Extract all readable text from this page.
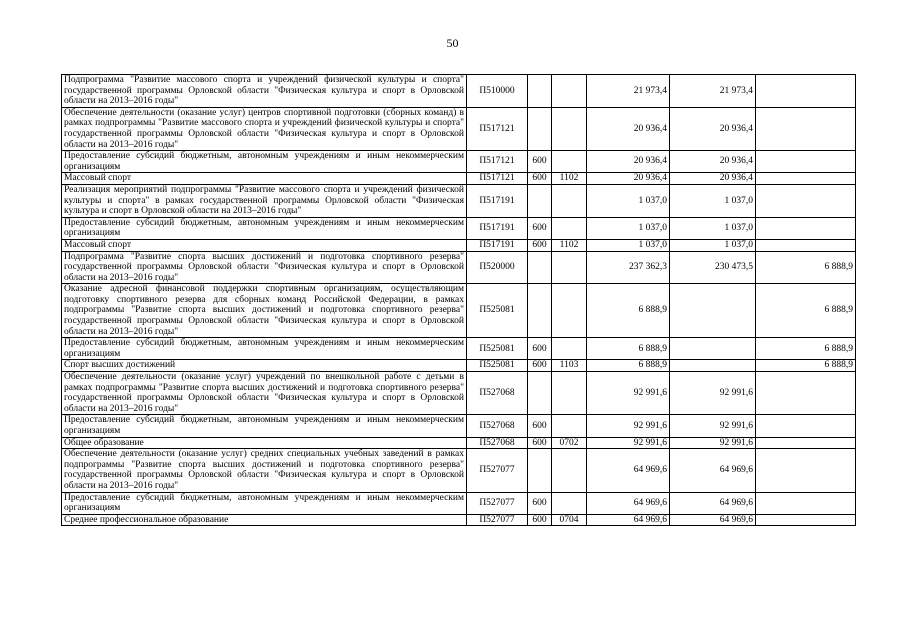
50
Подпрограмма "Развитие массового спорта и учреждений физической культуры и спорта" государственной программы Орловской области "Физическая культура и спорт в Орловской области на 2013–2016 годы"	П510000			21 973,4	21 973,4	
Обеспечение деятельности (оказание услуг) центров спортивной подготовки (сборных команд) в рамках подпрограммы "Развитие массового спорта и учреждений физической культуры и спорта" государственной программы Орловской области "Физическая культура и спорт в Орловской области на 2013–2016 годы"	П517121			20 936,4	20 936,4	
Предоставление субсидий бюджетным, автономным учреждениям и иным некоммерческим организациям	П517121	600		20 936,4	20 936,4	
Массовый спорт	П517121	600	1102	20 936,4	20 936,4	
Реализация мероприятий подпрограммы "Развитие массового спорта и учреждений физической культуры и спорта" в рамках государственной программы Орловской области "Физическая культура и спорт в Орловской области на 2013–2016 годы"	П517191			1 037,0	1 037,0	
Предоставление субсидий бюджетным, автономным учреждениям и иным некоммерческим организациям	П517191	600		1 037,0	1 037,0	
Массовый спорт	П517191	600	1102	1 037,0	1 037,0	
Подпрограмма "Развитие спорта высших достижений и подготовка спортивного резерва" государственной программы Орловской области "Физическая культура и спорт в Орловской области на 2013–2016 годы"	П520000			237 362,3	230 473,5	6 888,9
Оказание адресной финансовой поддержки спортивным организациям, осуществляющим подготовку спортивного резерва для сборных команд Российской Федерации, в рамках подпрограммы "Развитие спорта высших достижений и подготовка спортивного резерва" государственной программы Орловской области "Физическая культура и спорт в Орловской области на 2013–2016 годы"	П525081			6 888,9		6 888,9
Предоставление субсидий бюджетным, автономным учреждениям и иным некоммерческим организациям	П525081	600		6 888,9		6 888,9
Спорт высших достижений	П525081	600	1103	6 888,9		6 888,9
Обеспечение деятельности (оказание услуг) учреждений по внешкольной работе с детьми в рамках подпрограммы "Развитие спорта высших достижений и подготовка спортивного резерва" государственной программы Орловской области "Физическая культура и спорт в Орловской области на 2013–2016 годы"	П527068			92 991,6	92 991,6	
Предоставление субсидий бюджетным, автономным учреждениям и иным некоммерческим организациям	П527068	600		92 991,6	92 991,6	
Общее образование	П527068	600	0702	92 991,6	92 991,6	
Обеспечение деятельности (оказание услуг) средних специальных учебных заведений в рамках подпрограммы "Развитие спорта высших достижений и подготовка спортивного резерва" государственной программы Орловской области "Физическая культура и спорт в Орловской области на 2013–2016 годы"	П527077			64 969,6	64 969,6	
Предоставление субсидий бюджетным, автономным учреждениям и иным некоммерческим организациям	П527077	600		64 969,6	64 969,6	
Среднее профессиональное образование	П527077	600	0704	64 969,6	64 969,6	
